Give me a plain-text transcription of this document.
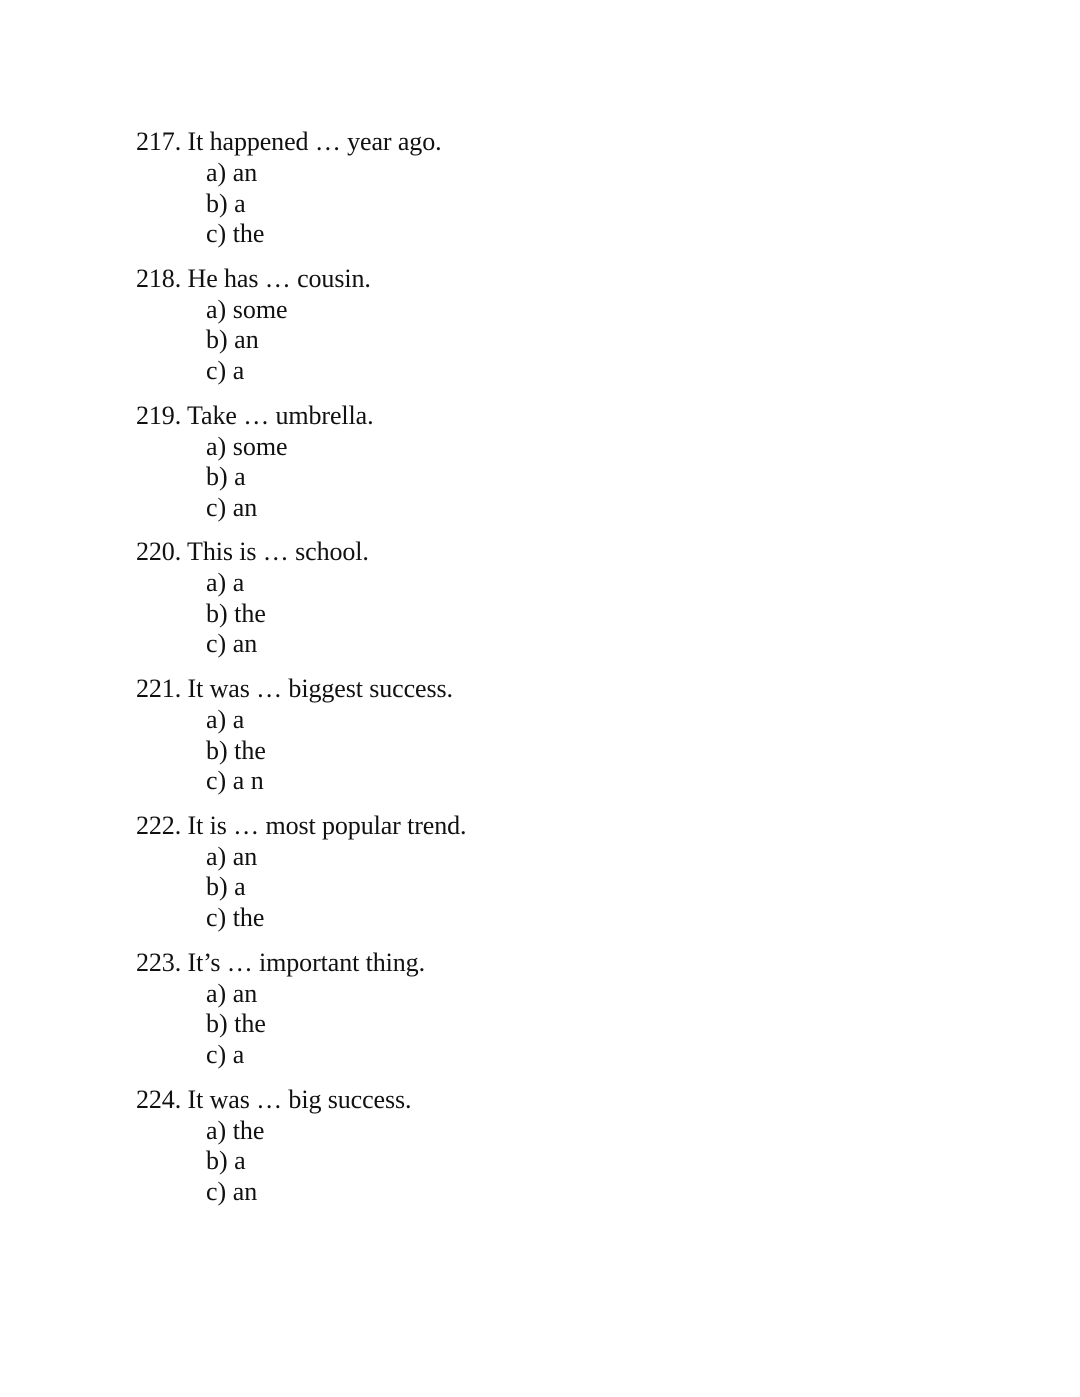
217. It happened … year ago.
a) an
b) a
c) the
218. He has … cousin.
a) some
b) an
c) a
219. Take … umbrella.
a) some
b) a
c) an
220. This is … school.
a) a
b) the
c) an
221. It was … biggest success.
a) a
b) the
c) a n
222. It is … most popular trend.
a) an
b) a
c) the
223. It’s … important thing.
a) an
b) the
c) a
224. It was … big success.
a) the
b) a
c) an
